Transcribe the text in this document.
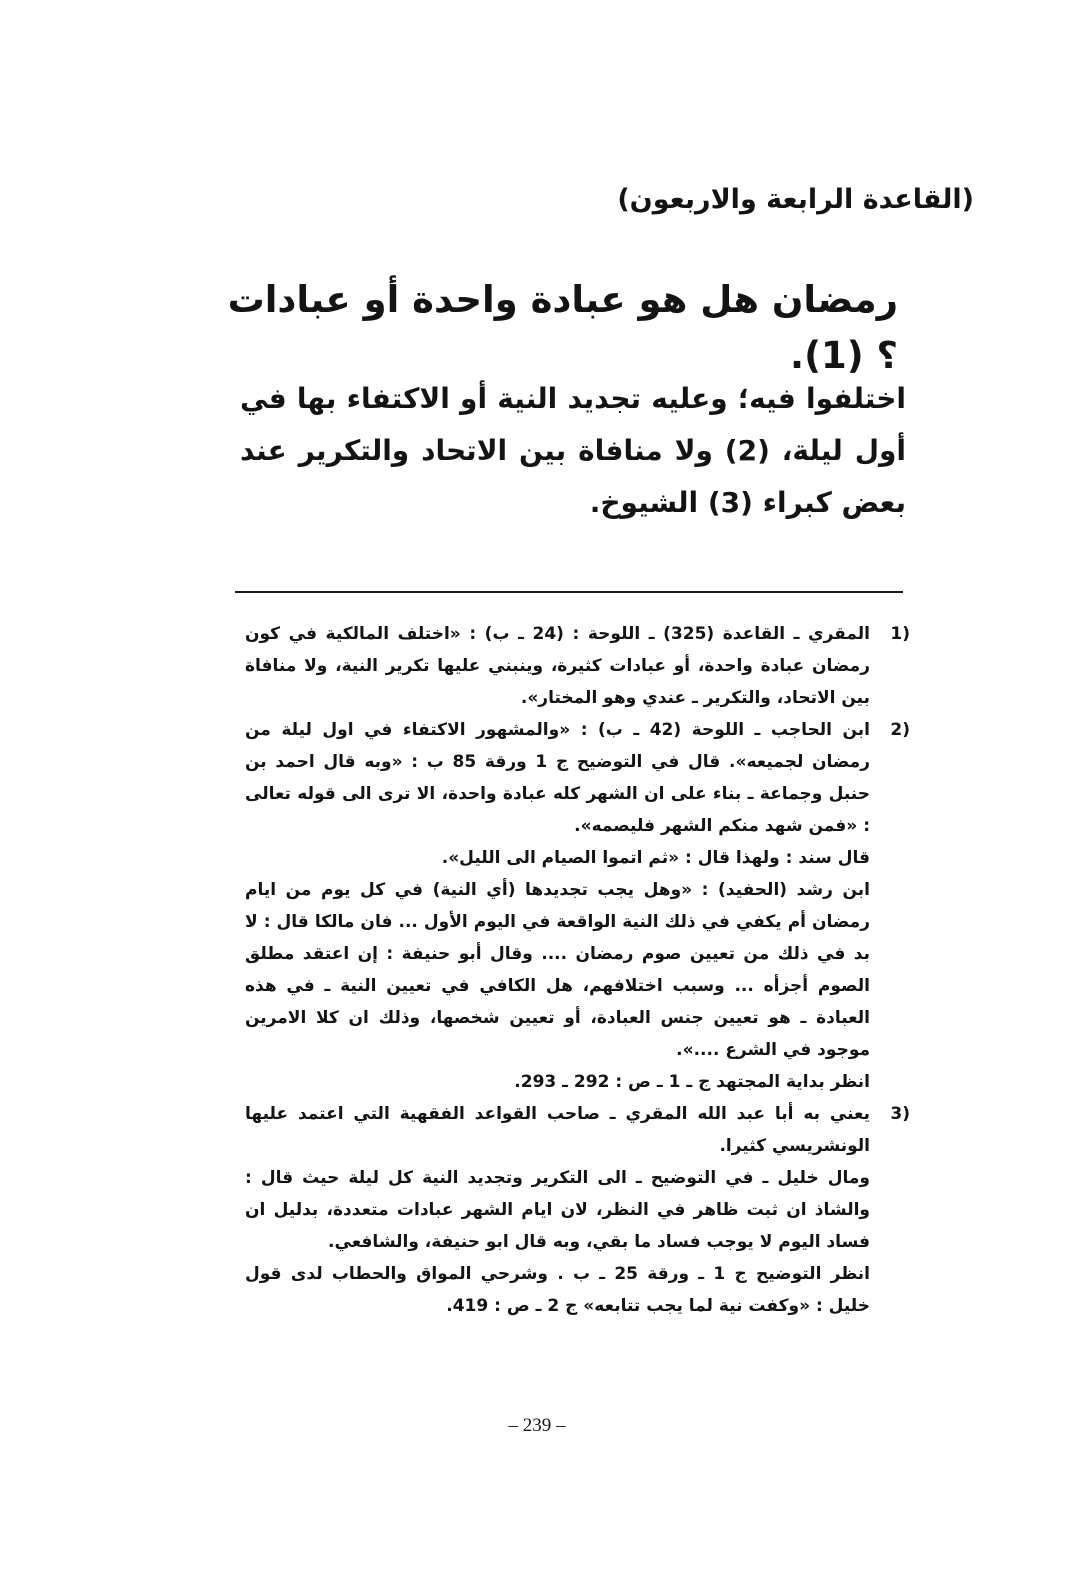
(القاعدة الرابعة والاربعون)
رمضان هل هو عبادة واحدة أو عبادات ؟ (1).
اختلفوا فيه؛ وعليه تجديد النية أو الاكتفاء بها في أول ليلة، (2) ولا منافاة بين الاتحاد والتكرير عند بعض كبراء (3) الشيوخ.
1)
المقري ـ القاعدة (325) ـ اللوحة : (24 ـ ب) : «اختلف المالكية في كون رمضان عبادة واحدة، أو عبادات كثيرة، وينبني عليها تكرير النية، ولا منافاة بين الاتحاد، والتكرير ـ عندي وهو المختار».
2)
ابن الحاجب ـ اللوحة (42 ـ ب) : «والمشهور الاكتفاء في اول ليلة من رمضان لجميعه». قال في التوضيح ج 1 ورقة 85 ب : «وبه قال احمد بن حنبل وجماعة ـ بناء على ان الشهر كله عبادة واحدة، الا ترى الى قوله تعالى : «فمن شهد منكم الشهر فليصمه».
قال سند : ولهذا قال : «ثم اتموا الصيام الى الليل».
ابن رشد (الحفيد) : «وهل يجب تجديدها (أي النية) في كل يوم من ايام رمضان أم يكفي في ذلك النية الواقعة في اليوم الأول ... فان مالكا قال : لا بد في ذلك من تعيين صوم رمضان .... وقال أبو حنيفة : إن اعتقد مطلق الصوم أجزأه ... وسبب اختلافهم، هل الكافي في تعيين النية ـ في هذه العبادة ـ هو تعيين جنس العبادة، أو تعيين شخصها، وذلك ان كلا الامرين موجود في الشرع ....».
انظر بداية المجتهد ج ـ 1 ـ ص : 292 ـ 293.
3)
يعني به أبا عبد الله المقري ـ صاحب القواعد الفقهية التي اعتمد عليها الونشريسي كثيرا.
ومال خليل ـ في التوضيح ـ الى التكرير وتجديد النية كل ليلة حيث قال : والشاذ ان ثبت ظاهر في النظر، لان ايام الشهر عبادات متعددة، بدليل ان فساد اليوم لا يوجب فساد ما بقي، وبه قال ابو حنيفة، والشافعي.
انظر التوضيح ج 1 ـ ورقة 25 ـ ب . وشرحي المواق والحطاب لدى قول خليل : «وكفت نية لما يجب تتابعه» ج 2 ـ ص : 419.
– 239 –
